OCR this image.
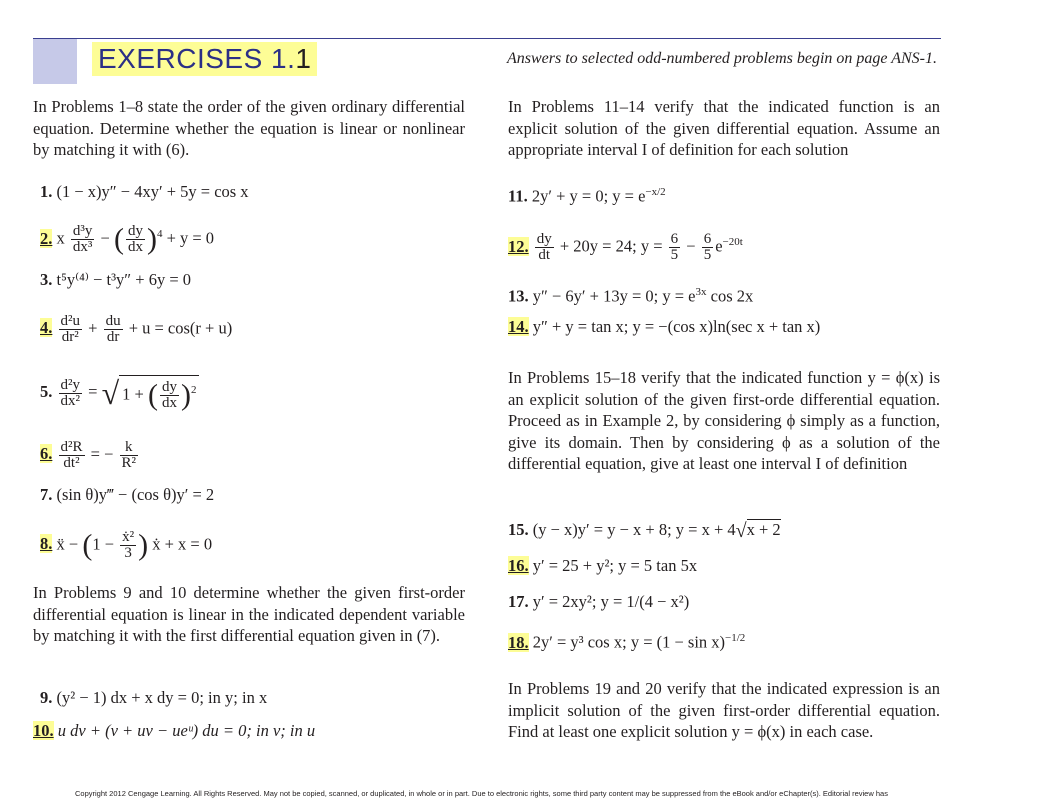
EXERCISES 1.1	Answers to selected odd-numbered problems begin on page ANS-1.
In Problems 1–8 state the order of the given ordinary differential equation. Determine whether the equation is linear or nonlinear by matching it with (6).
In Problems 9 and 10 determine whether the given first-order differential equation is linear in the indicated dependent variable by matching it with the first differential equation given in (7).
1. (1 − x)y″ − 4xy′ + 5y = cos x
2. x $\frac{\text{d³y}}{\text{dx³}}$ − ( $\frac{dy}{dx} )^4 + y = 0$
3. t⁵y⁽⁴⁾ − t³y″ + 6y = 0
4. $\frac{\text{d²u}}{\text{dr²}} + \frac{du}{dr} + u = \cos(r + u)$
5. $\frac{\text{d²y}}{\text{dx²}}$ = √ 1 + ( $\frac{dy}{dx} )^2$
6. $\frac{\text{d²R}}{\text{dt²}}$ = − $\frac{k}{\text{R²}}$
7. (sin θ)y‴ − (cos θ)y′ = 2
8. ẍ − ($1 - \frac{\text{ẋ²}}{3}$ ) ẋ + x = 0
9. (y² − 1) dx + x dy = 0; in y; in x
10. u dv + (v + uv − ueᵘ) du = 0; in v; in u
In Problems 11–14 verify that the indicated function is an explicit solution of the given differential equation. Assume an appropriate interval I of definition for each solution
In Problems 15–18 verify that the indicated function y = ϕ(x) is an explicit solution of the given first-orde differential equation. Proceed as in Example 2, by considering ϕ simply as a function, give its domain. Then by considering ϕ as a solution of the differential equation, give at least one interval I of definition
In Problems 19 and 20 verify that the indicated expression is an implicit solution of the given first-order differential equation. Find at least one explicit solution y = ϕ(x) in each case.
11. 2y′ + y = 0; $y = e^{-x/2}$
12. $\frac{dy}{dt} + 20y = 24$; $y = \frac{6}{5} - \frac{6}{5} e^{-20t}$
13. y″ − 6y′ + 13y = 0; $y = e^{3x}$ cos 2x
14. y″ + y = tan x; y = −(cos x)ln(sec x + tan x)
15. (y − x)y′ = y − x + 8; y = x + 4√x + 2
16. y′ = 25 + y²; y = 5 tan 5x
17. y′ = 2xy²; y = 1/(4 − x²)
18. 2y′ = y³ cos x; $y = (1 - \sin x)^{-1/2}$
Copyright 2012 Cengage Learning. All Rights Reserved. May not be copied, scanned, or duplicated, in whole or in part. Due to electronic rights, some third party content may be suppressed from the eBook and/or eChapter(s). Editorial review has
